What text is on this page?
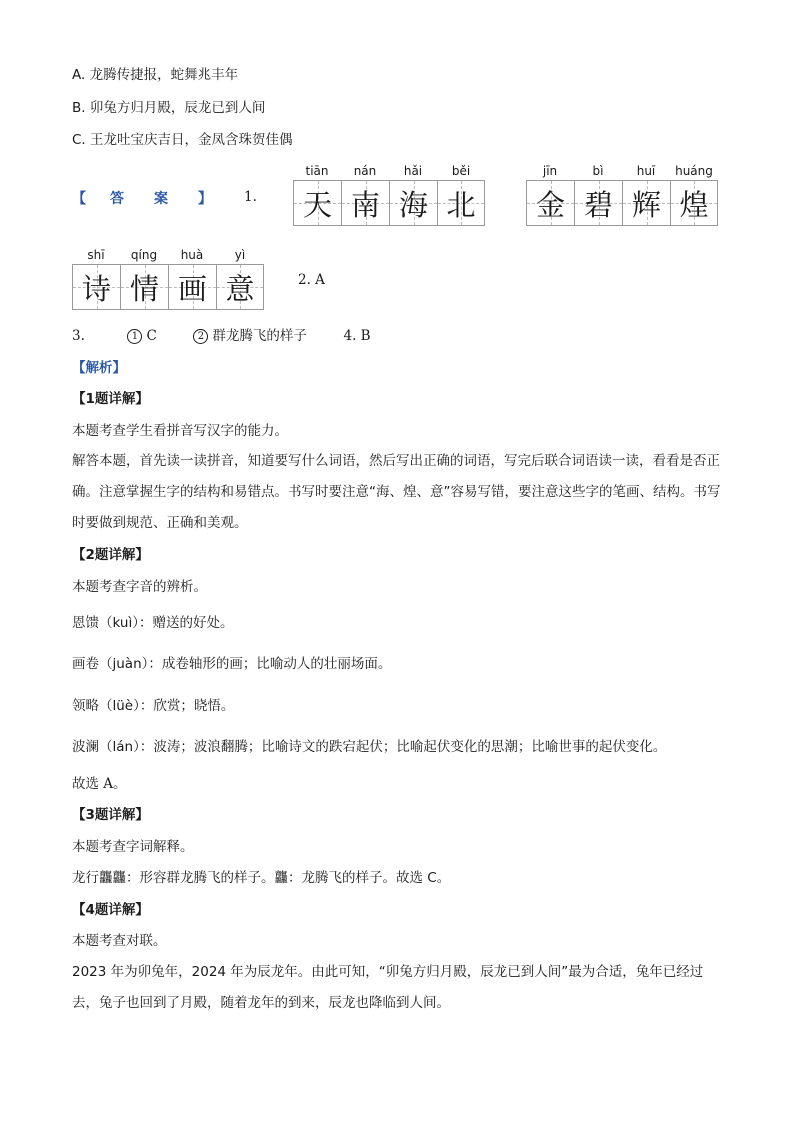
A. 龙腾传捷报，蛇舞兆丰年
B. 卯兔方归月殿，辰龙已到人间
C. 王龙吐宝庆吉日，金凤含珠贺佳偶
【 答 案 】 1.
tiān
天
nán
南
hǎi
海
běi
北
jīn
金
bì
碧
huī
辉
huáng
煌
shī
诗
qíng
情
huà
画
yì
意	2. A
3.	1 C	2 群龙腾飞的样子	4. B
【解析】
【1题详解】
本题考查学生看拼音写汉字的能力。
解答本题，首先读一读拼音，知道要写什么词语，然后写出正确的词语，写完后联合词语读一读，看看是否正确。注意掌握生字的结构和易错点。书写时要注意“海、煌、意”容易写错，要注意这些字的笔画、结构。书写时要做到规范、正确和美观。
【2题详解】
本题考查字音的辨析。
恩馈（kuì）：赠送的好处。
画卷（juàn）：成卷轴形的画；比喻动人的壮丽场面。
领略（lüè）：欣赏；晓悟。
波澜（lán）：波涛；波浪翻腾；比喻诗文的跌宕起伏；比喻起伏变化的思潮；比喻世事的起伏变化。
故选 A。
【3题详解】
本题考查字词解释。
龙行龘龘：形容群龙腾飞的样子。龘：龙腾飞的样子。故选 C。
【4题详解】
本题考查对联。
2023 年为卯兔年，2024 年为辰龙年。由此可知，“卯兔方归月殿，辰龙已到人间”最为合适，兔年已经过去，兔子也回到了月殿，随着龙年的到来，辰龙也降临到人间。
